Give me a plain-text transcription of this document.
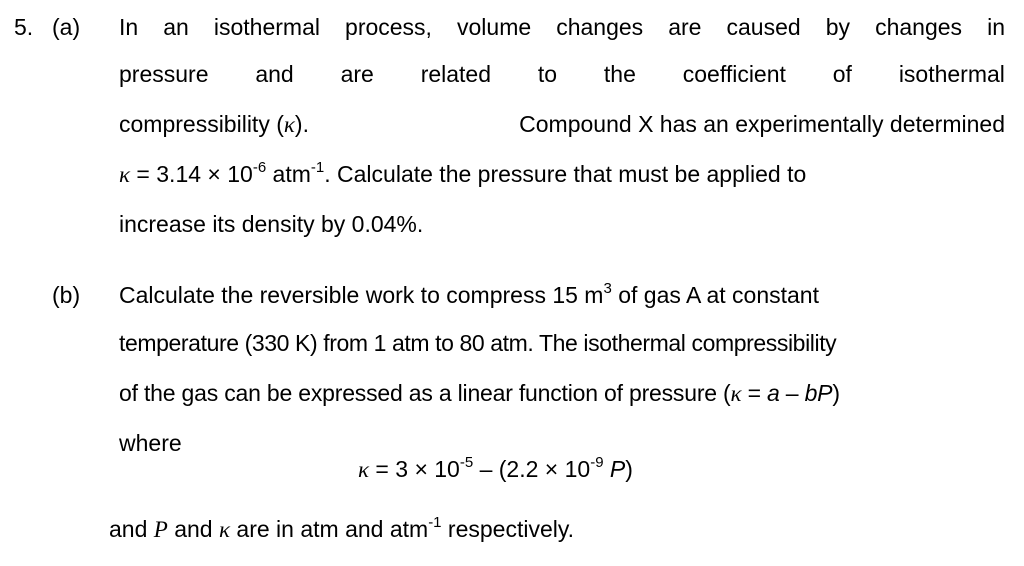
5. (a) In an isothermal process, volume changes are caused by changes in
pressure and are related to the coefficient of isothermal
compressibility (κ).	Compound X has an experimentally determined
$\kappa = 3.14 \times 10^{-6}$ atm$^{-1}$. Calculate the pressure that must be applied to
increase its density by 0.04%.
(b) Calculate the reversible work to compress 15 $m^3$ of gas A at constant
temperature (330 K) from 1 atm to 80 atm. The isothermal compressibility
of the gas can be expressed as a linear function of pressure (κ = a – bP)
where
$\kappa = 3 \times 10^{-5} - (2.2 \times 10^{-9}$ P)
and P and κ are in atm and atm$^{-1}$ respectively.
